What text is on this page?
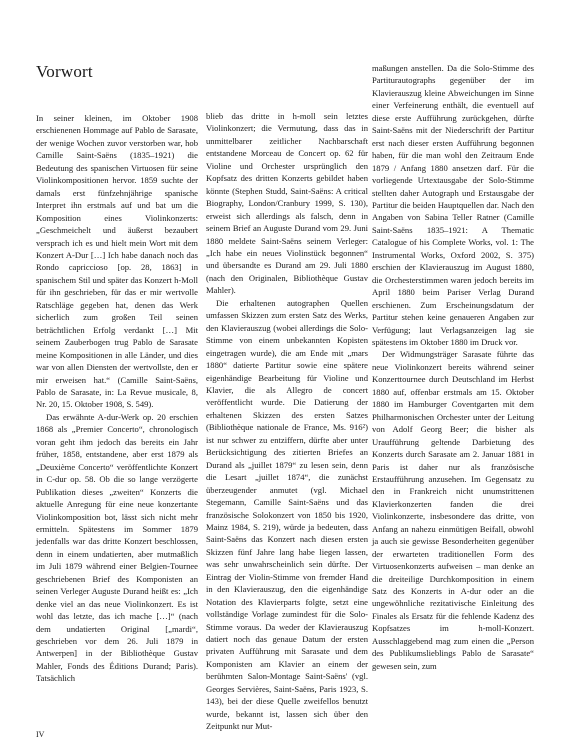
Vorwort

In seiner kleinen, im Oktober 1908 erschienenen Hommage auf Pablo de Sarasate, der wenige Wochen zuvor verstorben war, hob Camille Saint-Saëns (1835–1921) die Bedeutung des spanischen Virtuosen für seine Violinkompositionen hervor. 1859 suchte der damals erst fünfzehnjährige spanische Interpret ihn erstmals auf und bat um die Komposition eines Violinkonzerts: „Geschmeichelt und äußerst bezaubert versprach ich es und hielt mein Wort mit dem Konzert A-Dur […] Ich habe danach noch das Rondo capriccioso [op. 28, 1863] in spanischem Stil und später das Konzert h-Moll für ihn geschrieben, für das er mir wertvolle Ratschläge gegeben hat, denen das Werk sicherlich zum großen Teil seinen beträchtlichen Erfolg verdankt […] Mit seinem Zauberbogen trug Pablo de Sarasate meine Kompositionen in alle Länder, und dies war von allen Diensten der wertvollste, den er mir erweisen hat.“ (Camille Saint-Saëns, Pablo de Sarasate, in: La Revue musicale, 8, Nr. 20, 15. Oktober 1908, S. 549).

Das erwähnte A-dur-Werk op. 20 erschien 1868 als „Premier Concerto“, chronologisch voran geht ihm jedoch das bereits ein Jahr früher, 1858, entstandene, aber erst 1879 als „Deuxième Concerto“ veröffentlichte Konzert in C-dur op. 58. Ob die so lange verzögerte Publikation dieses „zweiten“ Konzerts die aktuelle Anregung für eine neue konzertante Violinkomposition bot, lässt sich nicht mehr ermitteln. Spätestens im Sommer 1879 jedenfalls war das dritte Konzert beschlossen, denn in einem undatierten, aber mutmaßlich im Juli 1879 während einer Belgien-Tournee geschriebenen Brief des Komponisten an seinen Verleger Auguste Durand heißt es: „Ich denke viel an das neue Violinkonzert. Es ist wohl das letzte, das ich mache […]“ (nach dem undatierten Original [„mardi“, geschrieben vor dem 26. Juli 1879 in Antwerpen] in der Bibliothèque Gustav Mahler, Fonds des Éditions Durand; Paris). Tatsächlich

blieb das dritte in h-moll sein letztes Violinkonzert; die Vermutung, dass das in unmittelbarer zeitlicher Nachbarschaft entstandene Morceau de Concert op. 62 für Violine und Orchester ursprünglich den Kopfsatz des dritten Konzerts gebildet haben könnte (Stephen Studd, Saint-Saëns: A critical Biography, London/Cranbury 1999, S. 130), erweist sich allerdings als falsch, denn in seinem Brief an Auguste Durand vom 29. Juni 1880 meldete Saint-Saëns seinem Verleger: „Ich habe ein neues Violinstück begonnen“ und übersandte es Durand am 29. Juli 1880 (nach den Originalen, Bibliothèque Gustav Mahler).

Die erhaltenen autographen Quellen umfassen Skizzen zum ersten Satz des Werks, den Klavierauszug (wobei allerdings die Solo-Stimme von einem unbekannten Kopisten eingetragen wurde), die am Ende mit „mars 1880“ datierte Partitur sowie eine spätere eigenhändige Bearbeitung für Violine und Klavier, die als Allegro de concert veröffentlicht wurde. Die Datierung der erhaltenen Skizzen des ersten Satzes (Bibliothèque nationale de France, Ms. 916²) ist nur schwer zu entziffern, dürfte aber unter Berücksichtigung des zitierten Briefes an Durand als „juillet 1879“ zu lesen sein, denn die Lesart „juillet 1874“, die zunächst überzeugender anmutet (vgl. Michael Stegemann, Camille Saint-Saëns und das französische Solokonzert von 1850 bis 1920, Mainz 1984, S. 219), würde ja bedeuten, dass Saint-Saëns das Konzert nach diesen ersten Skizzen fünf Jahre lang habe liegen lassen, was sehr unwahrscheinlich sein dürfte. Der Eintrag der Violin-Stimme von fremder Hand in den Klavierauszug, den die eigenhändige Notation des Klavierparts folgte, setzt eine vollständige Vorlage zumindest für die Solo-Stimme voraus. Da weder der Klavierauszug datiert noch das genaue Datum der ersten privaten Aufführung mit Sarasate und dem Komponisten am Klavier an einem der berühmten Salon-Montage Saint-Saëns' (vgl. Georges Servières, Saint-Saëns, Paris 1923, S. 143), bei der diese Quelle zweifellos benutzt wurde, bekannt ist, lassen sich über den Zeitpunkt nur Mut-

maßungen anstellen. Da die Solo-Stimme des Partiturautographs gegenüber der im Klavierauszug kleine Abweichungen im Sinne einer Verfeinerung enthält, die eventuell auf diese erste Aufführung zurückgehen, dürfte Saint-Saëns mit der Niederschrift der Partitur erst nach dieser ersten Aufführung begonnen haben, für die man wohl den Zeitraum Ende 1879 / Anfang 1880 ansetzen darf. Für die vorliegende Urtextausgabe der Solo-Stimme stellten daher Autograph und Erstausgabe der Partitur die beiden Hauptquellen dar. Nach den Angaben von Sabina Teller Ratner (Camille Saint-Saëns 1835–1921: A Thematic Catalogue of his Complete Works, vol. 1: The Instrumental Works, Oxford 2002, S. 375) erschien der Klavierauszug im August 1880, die Orchesterstimmen waren jedoch bereits im April 1880 beim Pariser Verlag Durand erschienen. Zum Erscheinungsdatum der Partitur stehen keine genaueren Angaben zur Verfügung; laut Verlagsanzeigen lag sie spätestens im Oktober 1880 im Druck vor.

Der Widmungsträger Sarasate führte das neue Violinkonzert bereits während seiner Konzerttournee durch Deutschland im Herbst 1880 auf, offenbar erstmals am 15. Oktober 1880 im Hamburger Coventgarten mit dem Philharmonischen Orchester unter der Leitung von Adolf Georg Beer; die bisher als Uraufführung geltende Darbietung des Konzerts durch Sarasate am 2. Januar 1881 in Paris ist daher nur als französische Erstaufführung anzusehen. Im Gegensatz zu den in Frankreich nicht unumstrittenen Klavierkonzerten fanden die drei Violinkonzerte, insbesondere das dritte, von Anfang an nahezu einmütigen Beifall, obwohl ja auch sie gewisse Besonderheiten gegenüber der erwarteten traditionellen Form des Virtuosenkonzerts aufweisen – man denke an die dreiteilige Durchkomposition in einem Satz des Konzerts in A-dur oder an die ungewöhnliche rezitativische Einleitung des Finales als Ersatz für die fehlende Kadenz des Kopfsatzes im h-moll-Konzert. Ausschlaggebend mag zum einen die „Person des Publikumslieblings Pablo de Sarasate“ gewesen sein, zum

IV
